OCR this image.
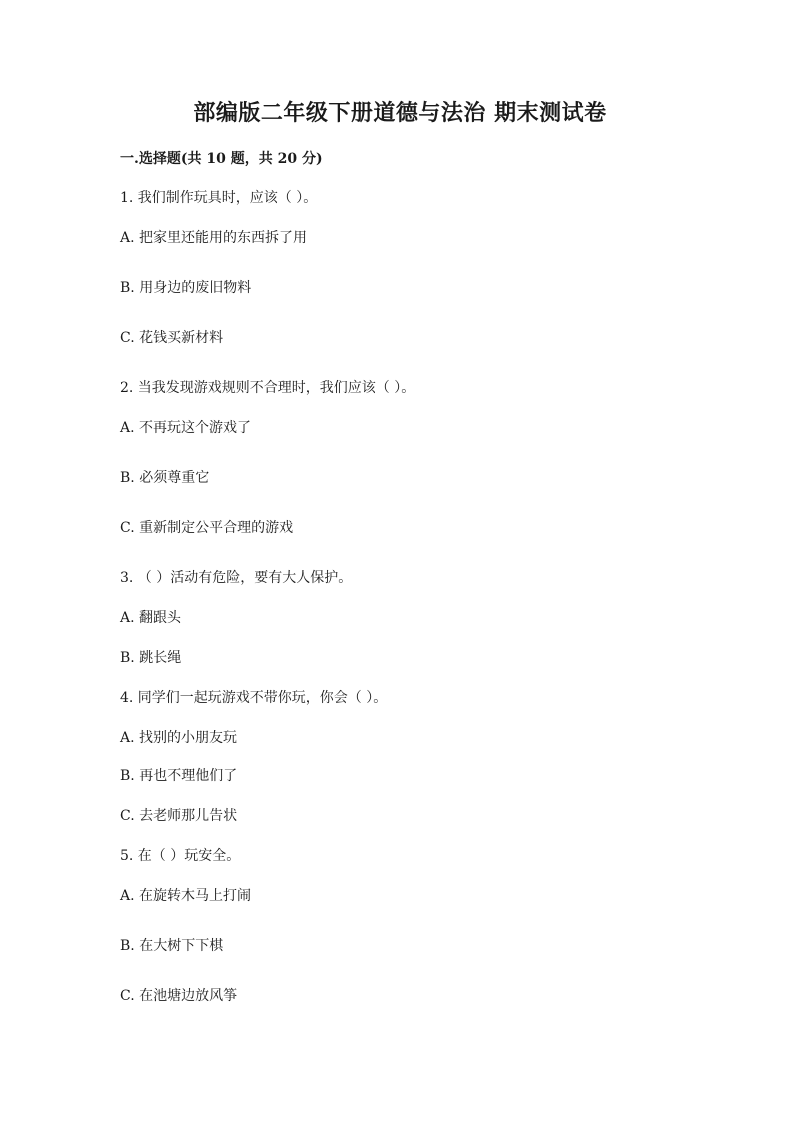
部编版二年级下册道德与法治 期末测试卷
一.选择题(共 10 题，共 20 分)
1. 我们制作玩具时，应该（ ）。
A. 把家里还能用的东西拆了用
B. 用身边的废旧物料
C. 花钱买新材料
2. 当我发现游戏规则不合理时，我们应该（ ）。
A. 不再玩这个游戏了
B. 必须尊重它
C. 重新制定公平合理的游戏
3. （ ）活动有危险，要有大人保护。
A. 翻跟头
B. 跳长绳
4. 同学们一起玩游戏不带你玩，你会（ ）。
A. 找别的小朋友玩
B. 再也不理他们了
C. 去老师那儿告状
5. 在（ ）玩安全。
A. 在旋转木马上打闹
B. 在大树下下棋
C. 在池塘边放风筝
